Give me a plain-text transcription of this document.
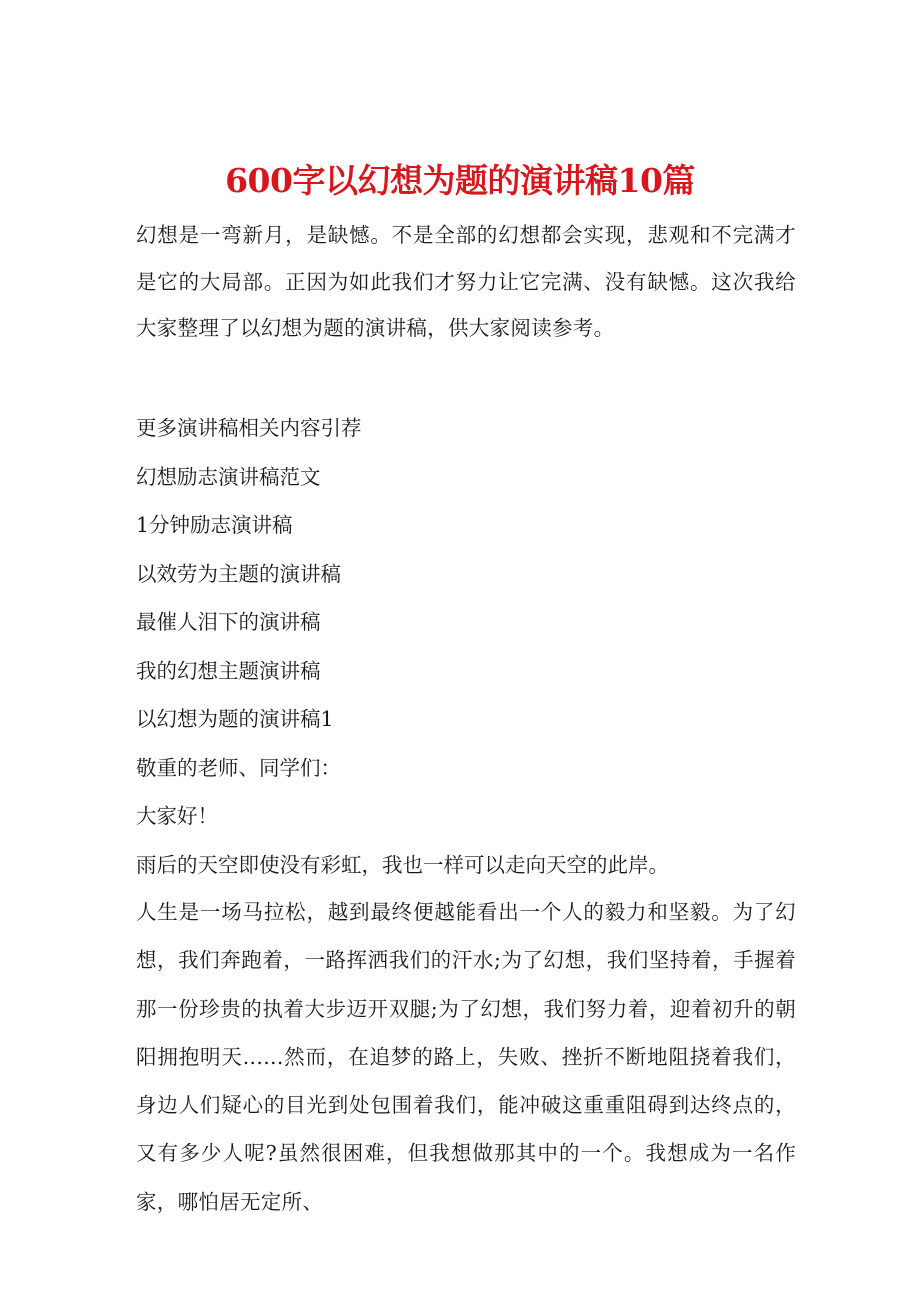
600字以幻想为题的演讲稿10篇

幻想是一弯新月，是缺憾。不是全部的幻想都会实现，悲观和不完满才是它的大局部。正因为如此我们才努力让它完满、没有缺憾。这次我给大家整理了以幻想为题的演讲稿，供大家阅读参考。

更多演讲稿相关内容引荐
幻想励志演讲稿范文
1分钟励志演讲稿
以效劳为主题的演讲稿
最催人泪下的演讲稿
我的幻想主题演讲稿
以幻想为题的演讲稿1
敬重的老师、同学们：
大家好！
雨后的天空即使没有彩虹，我也一样可以走向天空的此岸。

人生是一场马拉松，越到最终便越能看出一个人的毅力和坚毅。为了幻想，我们奔跑着，一路挥洒我们的汗水;为了幻想，我们坚持着，手握着那一份珍贵的执着大步迈开双腿;为了幻想，我们努力着，迎着初升的朝阳拥抱明天......然而，在追梦的路上，失败、挫折不断地阻挠着我们，身边人们疑心的目光到处包围着我们，能冲破这重重阻碍到达终点的，又有多少人呢?虽然很困难，但我想做那其中的一个。我想成为一名作家，哪怕居无定所、
